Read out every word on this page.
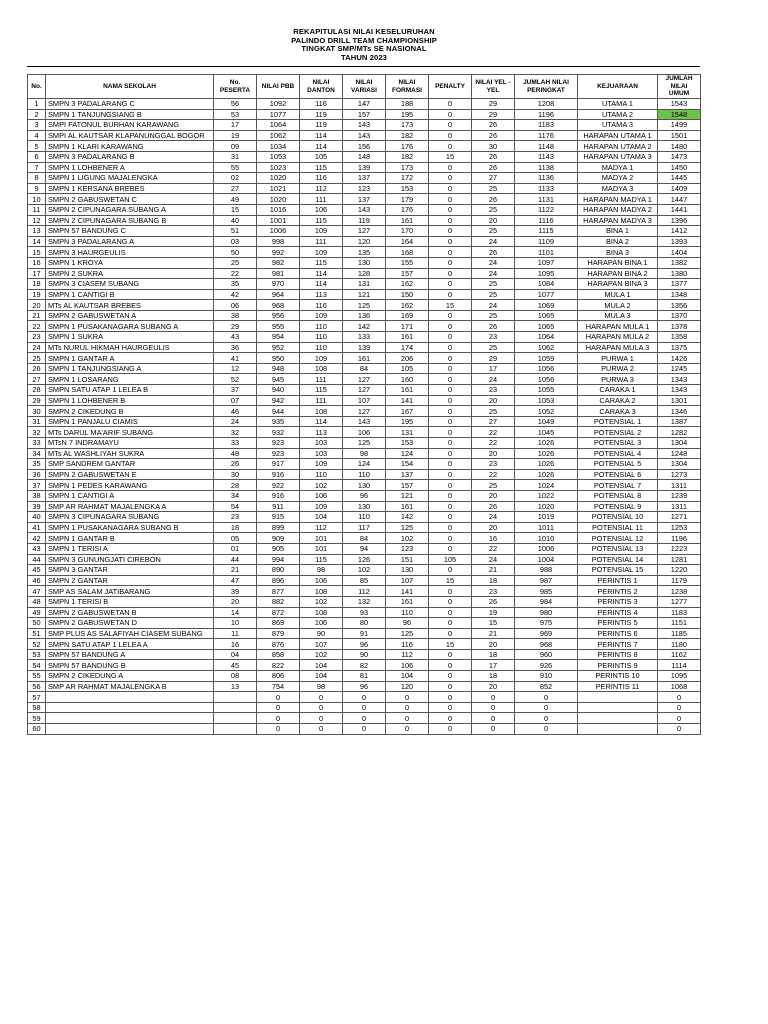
REKAPITULASI NILAI KESELURUHAN
PALINDO DRILL TEAM CHAMPIONSHIP
TINGKAT SMP/MTs SE NASIONAL
TAHUN 2023
No.	NAMA SEKOLAH	No. PESERTA	NILAI PBB	NILAI DANTON	NILAI VARIASI	NILAI FORMASI	PENALTY	NILAI YEL - YEL	JUMLAH NILAI PERINGKAT	KEJUARAAN	JUMLAH NILAI UMUM
1	SMPN 3 PADALARANG C	56	1092	116	147	188	0	29	1208	UTAMA 1	1543
2	SMPN 1 TANJUNGSIANG B	53	1077	119	157	195	0	29	1196	UTAMA 2	1548
3	SMPI FATONUL BURHAN KARAWANG	17	1064	119	143	173	0	26	1183	UTAMA 3	1499
4	SMPI AL KAUTSAR KLAPANUNGGAL BOGOR	19	1062	114	143	182	0	26	1176	HARAPAN UTAMA 1	1501
5	SMPN 1 KLARI KARAWANG	09	1034	114	156	176	0	30	1148	HARAPAN UTAMA 2	1480
6	SMPN 3 PADALARANG B	31	1053	105	148	182	15	26	1143	HARAPAN UTAMA 3	1473
7	SMPN 1 LOHBENER A	55	1023	115	139	173	0	26	1138	MADYA 1	1450
8	SMPN 1 LIGUNG MAJALENGKA	02	1020	116	137	172	0	27	1136	MADYA 2	1445
9	SMPN 1 KERSANA BREBES	27	1021	112	123	153	0	25	1133	MADYA 3	1409
10	SMPN 2 GABUSWETAN C	49	1020	111	137	179	0	26	1131	HARAPAN MADYA 1	1447
11	SMPN 2 CIPUNAGARA SUBANG A	15	1016	106	143	176	0	25	1122	HARAPAN MADYA 2	1441
12	SMPN 2 CIPUNAGARA SUBANG B	40	1001	115	119	161	0	20	1116	HARAPAN MADYA 3	1396
13	SMPN 57 BANDUNG C	51	1006	109	127	170	0	25	1115	BINA 1	1412
14	SMPN 3 PADALARANG A	03	998	111	120	164	0	24	1109	BINA 2	1393
15	SMPN 3 HAURGEULIS	50	992	109	135	168	0	26	1101	BINA 3	1404
16	SMPN 1 KROYA	25	982	115	130	155	0	24	1097	HARAPAN BINA 1	1382
17	SMPN 2 SUKRA	22	981	114	128	157	0	24	1095	HARAPAN BINA 2	1380
18	SMPN 3 CIASEM SUBANG	35	970	114	131	162	0	25	1084	HARAPAN BINA 3	1377
19	SMPN 1 CANTIGI B	42	964	113	121	150	0	25	1077	MULA 1	1348
20	MTs AL KAUTSAR BREBES	06	968	116	125	162	15	24	1069	MULA 2	1356
21	SMPN 2 GABUSWETAN A	38	956	109	136	169	0	25	1065	MULA 3	1370
22	SMPN 1 PUSAKANAGARA SUBANG A	29	955	110	142	171	0	26	1065	HARAPAN MULA 1	1378
23	SMPN 1 SUKRA	43	954	110	133	161	0	23	1064	HARAPAN MULA 2	1358
24	MTs NURUL HIKMAH HAURGEULIS	36	952	110	139	174	0	25	1062	HARAPAN MULA 3	1375
25	SMPN 1 GANTAR A	41	950	109	161	206	0	29	1059	PURWA 1	1426
26	SMPN 1 TANJUNGSIANG A	12	948	108	84	105	0	17	1056	PURWA 2	1245
27	SMPN 1 LOSARANG	52	945	111	127	160	0	24	1056	PURWA 3	1343
28	SMPN SATU ATAP 1 LELEA B	37	940	115	127	161	0	23	1055	CARAKA 1	1343
29	SMPN 1 LOHBENER B	07	942	111	107	141	0	20	1053	CARAKA 2	1301
30	SMPN 2 CIKEDUNG B	46	944	108	127	167	0	25	1052	CARAKA 3	1346
31	SMPN 1 PANJALU CIAMIS	24	935	114	143	195	0	27	1049	POTENSIAL 1	1387
32	MTs DARUL MA'ARIF SUBANG	32	932	113	106	131	0	22	1045	POTENSIAL 2	1282
33	MTsN 7 INDRAMAYU	33	923	103	125	153	0	22	1026	POTENSIAL 3	1304
34	MTs AL WASHLIYAH SUKRA	48	923	103	98	124	0	20	1026	POTENSIAL 4	1248
35	SMP SANDREM GANTAR	26	917	109	124	154	0	23	1026	POTENSIAL 5	1304
36	SMPN 2 GABUSWETAN E	30	916	110	110	137	0	22	1026	POTENSIAL 6	1273
37	SMPN 1 PEDES KARAWANG	28	922	102	130	157	0	25	1024	POTENSIAL 7	1311
38	SMPN 1 CANTIGI A	34	916	106	96	121	0	20	1022	POTENSIAL 8	1239
39	SMP AR RAHMAT MAJALENGKA A	54	911	109	130	161	0	26	1020	POTENSIAL 9	1311
40	SMPN 3 CIPUNAGARA SUBANG	23	915	104	110	142	0	24	1019	POTENSIAL 10	1271
41	SMPN 1 PUSAKANAGARA SUBANG B	18	899	112	117	125	0	20	1011	POTENSIAL 11	1253
42	SMPN 1 GANTAR B	05	909	101	84	102	0	16	1010	POTENSIAL 12	1196
43	SMPN 1 TERISI A	01	905	101	94	123	0	22	1006	POTENSIAL 13	1223
44	SMPN 3 GUNUNGJATI CIREBON	44	994	115	126	151	105	24	1004	POTENSIAL 14	1281
45	SMPN 3 GANTAR	21	890	98	102	130	0	21	988	POTENSIAL 15	1220
46	SMPN 2 GANTAR	47	896	106	85	107	15	18	987	PERINTIS 1	1179
47	SMP AS SALAM JATIBARANG	39	877	108	112	141	0	23	985	PERINTIS 2	1238
48	SMPN 1 TERISI B	20	882	102	132	161	0	26	984	PERINTIS 3	1277
49	SMPN 2 GABUSWETAN B	14	872	108	93	110	0	19	980	PERINTIS 4	1183
50	SMPN 2 GABUSWETAN D	10	869	106	80	96	0	15	975	PERINTIS 5	1151
51	SMP PLUS AS SALAFIYAH CIASEM SUBANG	11	879	90	91	125	0	21	969	PERINTIS 6	1185
52	SMPN SATU ATAP 1 LELEA A	16	876	107	96	116	15	20	968	PERINTIS 7	1180
53	SMPN 57 BANDUNG A	04	858	102	90	112	0	18	960	PERINTIS 8	1162
54	SMPN 57 BANDUNG B	45	822	104	82	106	0	17	926	PERINTIS 9	1114
55	SMPN 2 CIKEDUNG A	08	806	104	81	104	0	18	910	PERINTIS 10	1095
56	SMP AR RAHMAT MAJALENGKA B	13	754	98	96	120	0	20	852	PERINTIS 11	1068
57			0	0	0	0	0	0	0		0
58			0	0	0	0	0	0	0		0
59			0	0	0	0	0	0	0		0
60			0	0	0	0	0	0	0		0
